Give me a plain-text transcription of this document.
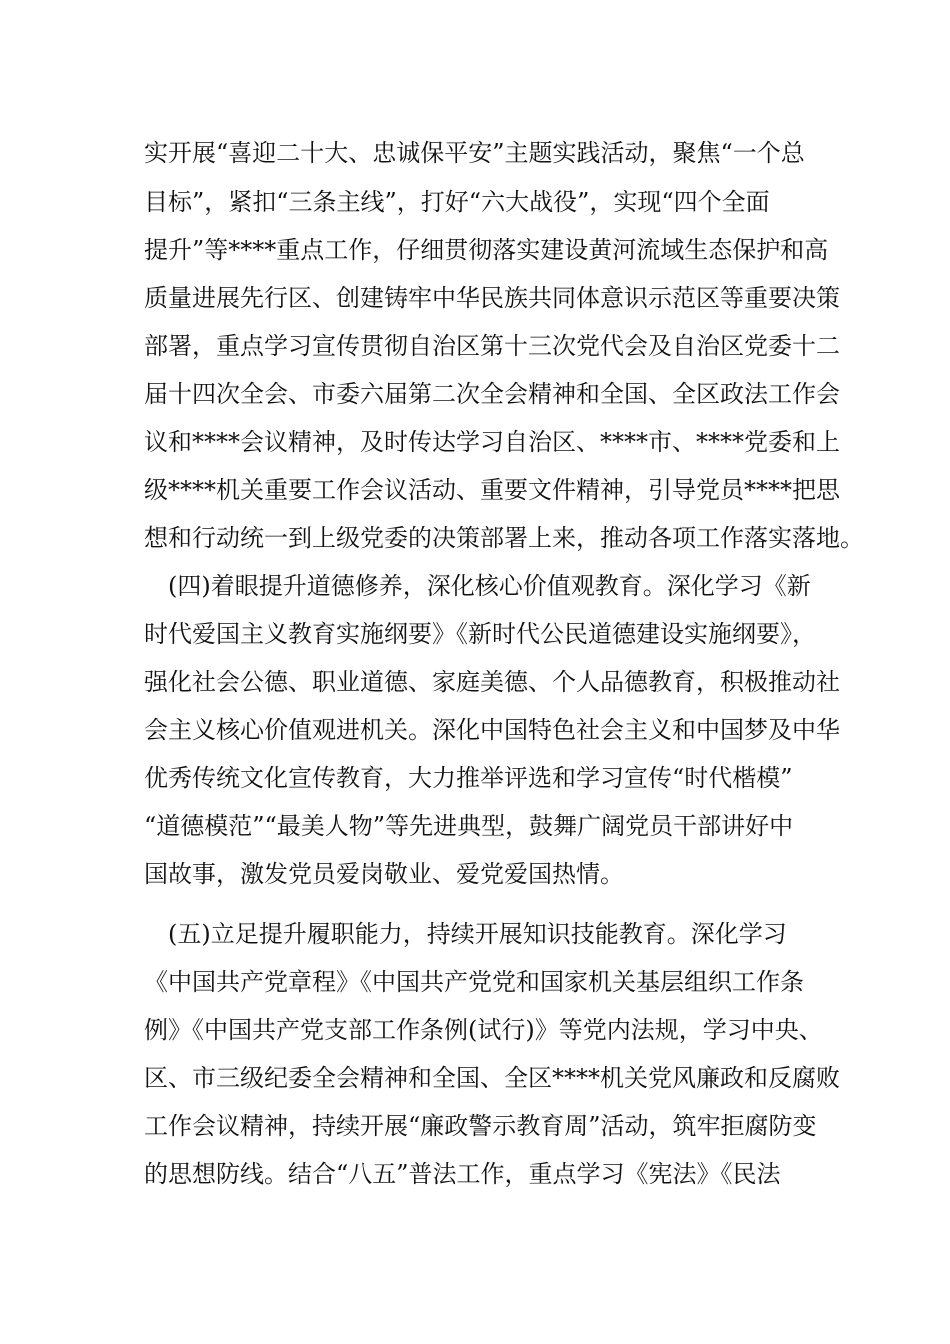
实开展“喜迎二十大、忠诚保平安”主题实践活动，聚焦“一个总
目标”，紧扣“三条主线”，打好“六大战役”，实现“四个全面
提升”等****重点工作，仔细贯彻落实建设黄河流域生态保护和高
质量进展先行区、创建铸牢中华民族共同体意识示范区等重要决策
部署，重点学习宣传贯彻自治区第十三次党代会及自治区党委十二
届十四次全会、市委六届第二次全会精神和全国、全区政法工作会
议和****会议精神，及时传达学习自治区、****市、****党委和上
级****机关重要工作会议活动、重要文件精神，引导党员****把思
想和行动统一到上级党委的决策部署上来，推动各项工作落实落地。
(四)着眼提升道德修养，深化核心价值观教育。深化学习《新
时代爱国主义教育实施纲要》《新时代公民道德建设实施纲要》，
强化社会公德、职业道德、家庭美德、个人品德教育，积极推动社
会主义核心价值观进机关。深化中国特色社会主义和中国梦及中华
优秀传统文化宣传教育，大力推举评选和学习宣传“时代楷模”
“道德模范”“最美人物”等先进典型，鼓舞广阔党员干部讲好中
国故事，激发党员爱岗敬业、爱党爱国热情。
(五)立足提升履职能力，持续开展知识技能教育。深化学习
《中国共产党章程》《中国共产党党和国家机关基层组织工作条
例》《中国共产党支部工作条例(试行)》等党内法规，学习中央、
区、市三级纪委全会精神和全国、全区****机关党风廉政和反腐败
工作会议精神，持续开展“廉政警示教育周”活动，筑牢拒腐防变
的思想防线。结合“八五”普法工作，重点学习《宪法》《民法
